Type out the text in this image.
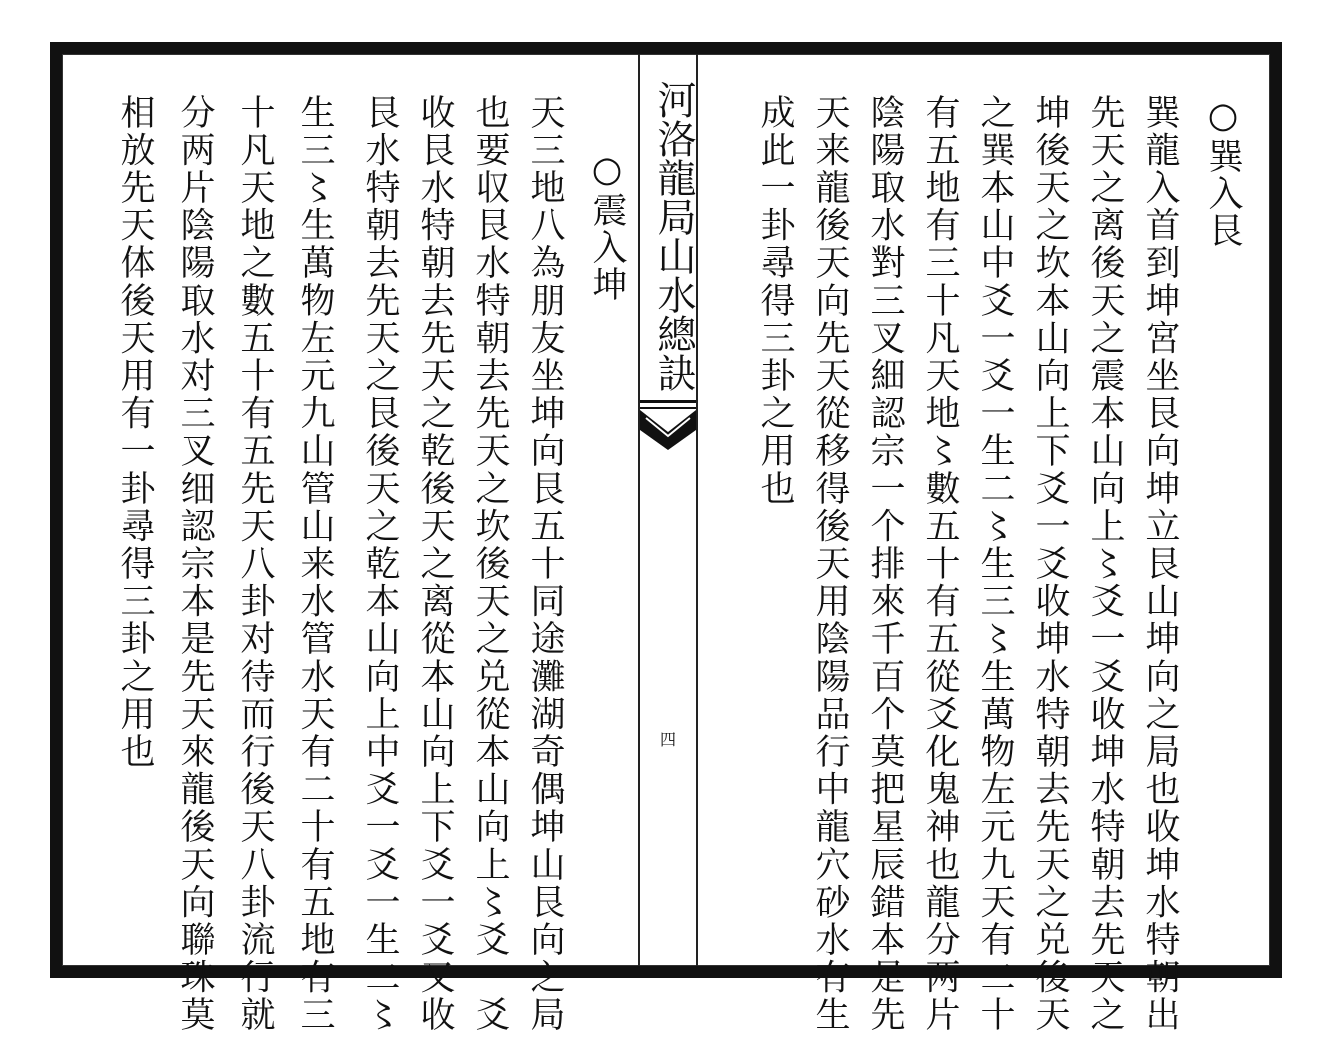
河洛龍局山水總訣
四
○巽入艮
巽龍入首到坤宮坐艮向坤立艮山坤向之局也收坤水特朝出
先天之离後天之震本山向上〻爻一爻收坤水特朝去先天之
坤後天之坎本山向上下爻一爻收坤水特朝去先天之兑後天
之巽本山中爻一爻一生二〻生三〻生萬物左元九天有二十
有五地有三十凡天地〻數五十有五從爻化鬼神也龍分两片
陰陽取水對三叉細認宗一个排來千百个莫把星辰錯本是先
天来龍後天向先天從移得後天用陰陽品行中龍穴砂水有生
成此一卦尋得三卦之用也
○震入坤
天三地八為朋友坐坤向艮五十同途灘湖奇偶坤山艮向之局
也要収艮水特朝去先天之坎後天之兑從本山向上〻爻一爻
收艮水特朝去先天之乾後天之离從本山向上下爻一爻又收
艮水特朝去先天之艮後天之乾本山向上中爻一爻一生二〻
生三〻生萬物左元九山管山来水管水天有二十有五地有三
十凡天地之數五十有五先天八卦对待而行後天八卦流行就
分两片陰陽取水对三叉细認宗本是先天來龍後天向聯珠莫
相放先天体後天用有一卦尋得三卦之用也
